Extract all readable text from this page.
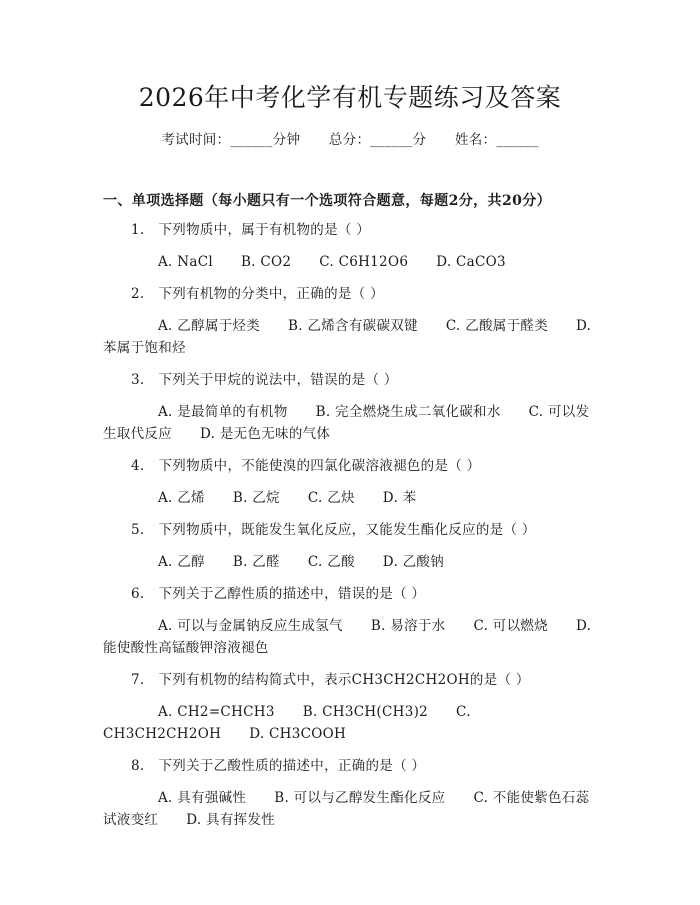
2026年中考化学有机专题练习及答案
考试时间：______分钟 总分：______分 姓名：______
一、单项选择题（每小题只有一个选项符合题意，每题2分，共20分）
1. 下列物质中，属于有机物的是（ ）
A. NaCl B. CO2 C. C6H12O6 D. CaCO3
2. 下列有机物的分类中，正确的是（ ）
A. 乙醇属于烃类 B. 乙烯含有碳碳双键 C. 乙酸属于醛类 D. 苯属于饱和烃
3. 下列关于甲烷的说法中，错误的是（ ）
A. 是最简单的有机物 B. 完全燃烧生成二氧化碳和水 C. 可以发生取代反应 D. 是无色无味的气体
4. 下列物质中，不能使溴的四氯化碳溶液褪色的是（ ）
A. 乙烯 B. 乙烷 C. 乙炔 D. 苯
5. 下列物质中，既能发生氧化反应，又能发生酯化反应的是（ ）
A. 乙醇 B. 乙醛 C. 乙酸 D. 乙酸钠
6. 下列关于乙醇性质的描述中，错误的是（ ）
A. 可以与金属钠反应生成氢气 B. 易溶于水 C. 可以燃烧 D. 能使酸性高锰酸钾溶液褪色
7. 下列有机物的结构简式中，表示CH3CH2CH2OH的是（ ）
A. CH2=CHCH3 B. CH3CH(CH3)2 C. CH3CH2CH2OH D. CH3COOH
8. 下列关于乙酸性质的描述中，正确的是（ ）
A. 具有强碱性 B. 可以与乙醇发生酯化反应 C. 不能使紫色石蕊试液变红 D. 具有挥发性
